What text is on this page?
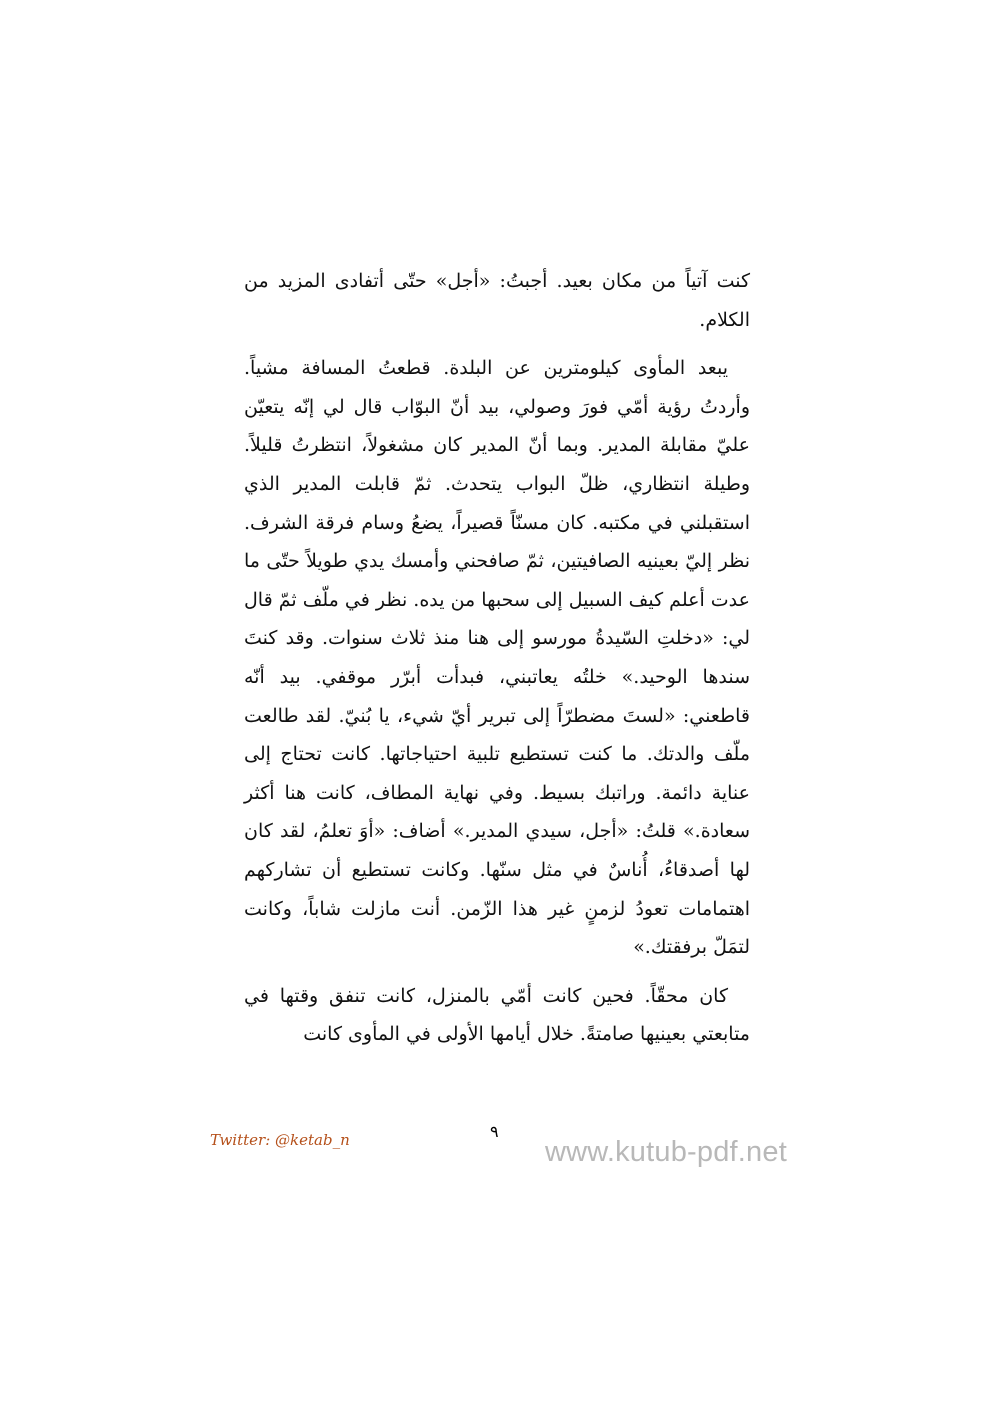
كنت آتياً من مكان بعيد. أجبتُ: «أجل» حتّى أتفادى المزيد من الكلام.

يبعد المأوى كيلومترين عن البلدة. قطعتُ المسافة مشياً. وأردتُ رؤية أمّي فورَ وصولي، بيد أنّ البوّاب قال لي إنّه يتعيّن عليّ مقابلة المدير. وبما أنّ المدير كان مشغولاً، انتظرتُ قليلاً. وطيلة انتظاري، ظلّ البواب يتحدث. ثمّ قابلت المدير الذي استقبلني في مكتبه. كان مسنّاً قصيراً، يضعُ وسام فرقة الشرف. نظر إليّ بعينيه الصافيتين، ثمّ صافحني وأمسك يدي طويلاً حتّى ما عدت أعلم كيف السبيل إلى سحبها من يده. نظر في ملّف ثمّ قال لي: «دخلتِ السّيدةُ مورسو إلى هنا منذ ثلاث سنوات. وقد كنتَ سندها الوحيد.» خلتُه يعاتبني، فبدأت أبرّر موقفي. بيد أنّه قاطعني: «لستَ مضطرّاً إلى تبرير أيّ شيء، يا بُنيّ. لقد طالعت ملّف والدتك. ما كنت تستطيع تلبية احتياجاتها. كانت تحتاج إلى عناية دائمة. وراتبك بسيط. وفي نهاية المطاف، كانت هنا أكثر سعادة.» قلتُ: «أجل، سيدي المدير.» أضاف: «أوَ تعلمُ، لقد كان لها أصدقاءُ، أُناسٌ في مثل سنّها. وكانت تستطيع أن تشاركهم اهتمامات تعودُ لزمنٍ غير هذا الزّمن. أنت مازلت شاباً، وكانت لتمَلّ برفقتك.»

كان محقّاً. فحين كانت أمّي بالمنزل، كانت تنفق وقتها في متابعتي بعينيها صامتةً. خلال أيامها الأولى في المأوى كانت

٩
Twitter: @ketab_n	www.kutub-pdf.net
